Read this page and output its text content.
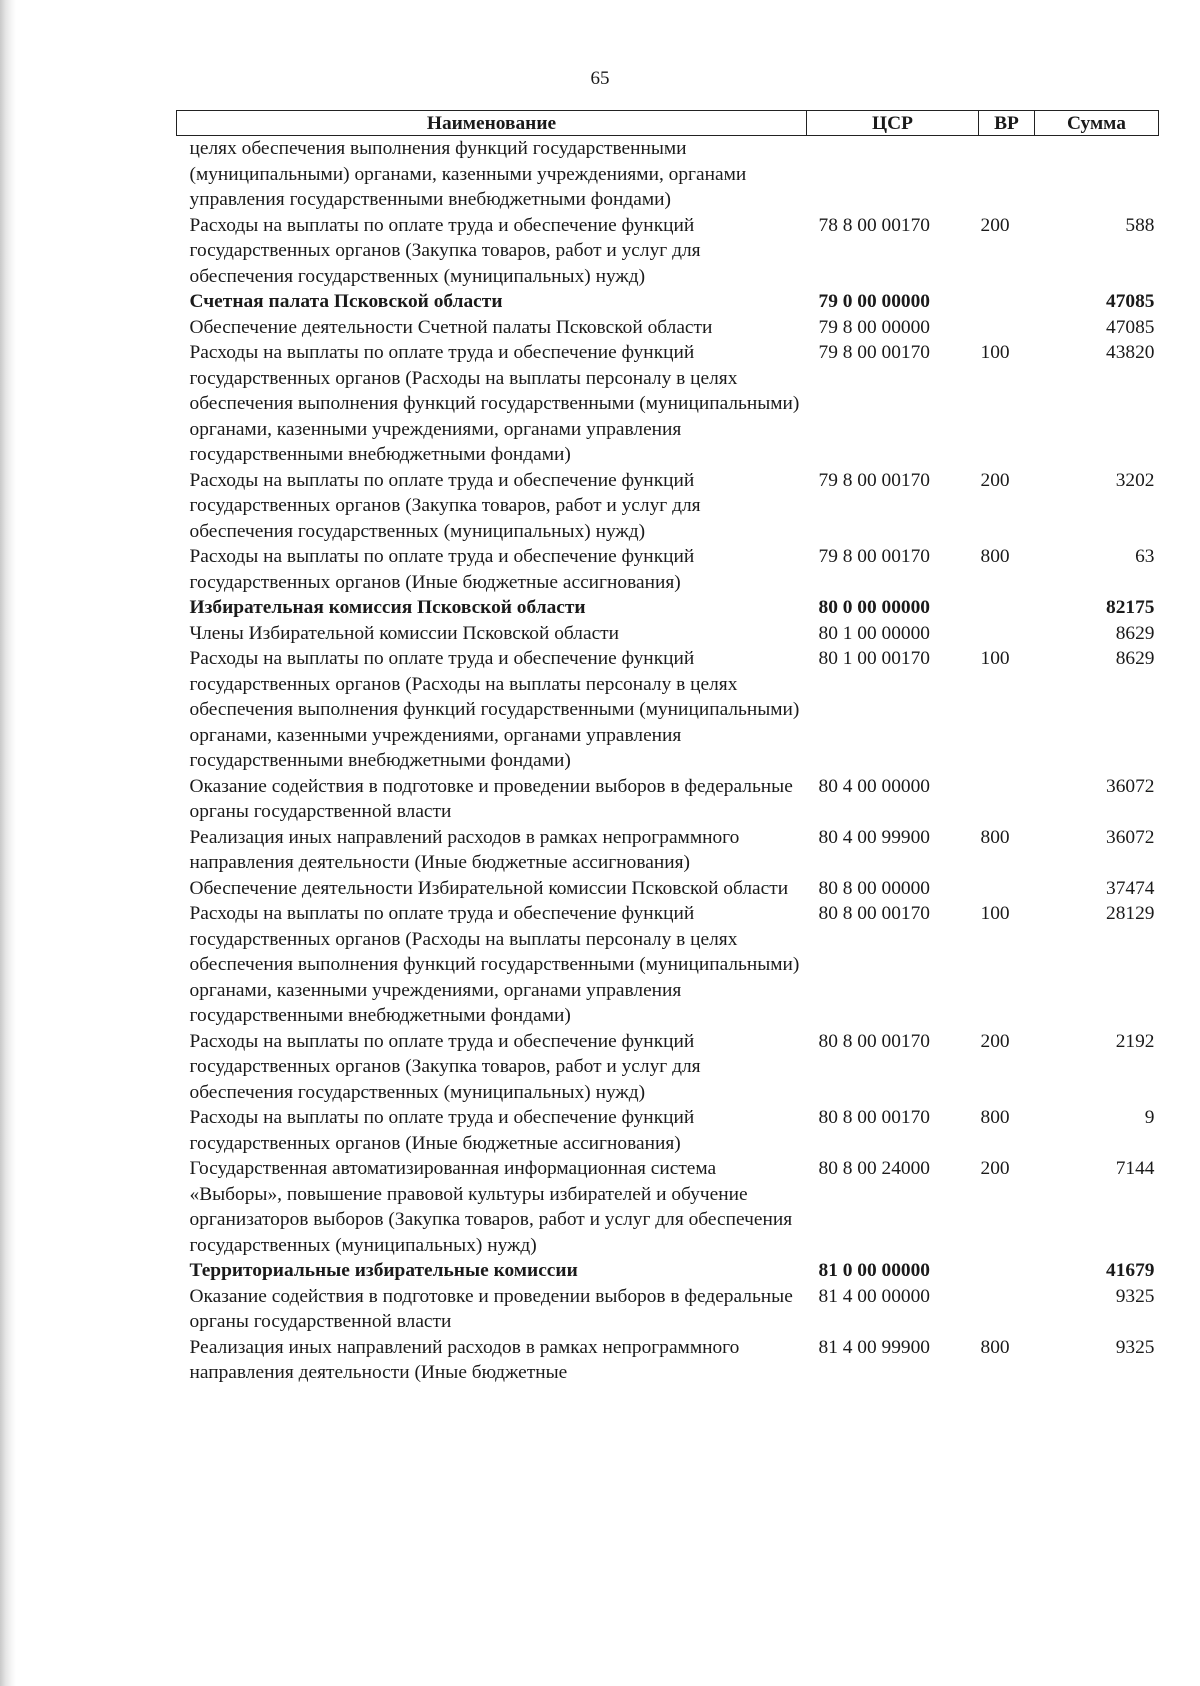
65
Наименование	ЦСР	ВР	Сумма
целях обеспечения выполнения функций государственными (муниципальными) органами, казенными учреждениями, органами управления государственными внебюджетными фондами)			
Расходы на выплаты по оплате труда и обеспечение функций государственных органов (Закупка товаров, работ и услуг для обеспечения государственных (муниципальных) нужд)	78 8 00 00170	200	588
Счетная палата Псковской области	79 0 00 00000		47085
Обеспечение деятельности Счетной палаты Псковской области	79 8 00 00000		47085
Расходы на выплаты по оплате труда и обеспечение функций государственных органов (Расходы на выплаты персоналу в целях обеспечения выполнения функций государственными (муниципальными) органами, казенными учреждениями, органами управления государственными внебюджетными фондами)	79 8 00 00170	100	43820
Расходы на выплаты по оплате труда и обеспечение функций государственных органов (Закупка товаров, работ и услуг для обеспечения государственных (муниципальных) нужд)	79 8 00 00170	200	3202
Расходы на выплаты по оплате труда и обеспечение функций государственных органов (Иные бюджетные ассигнования)	79 8 00 00170	800	63
Избирательная комиссия Псковской области	80 0 00 00000		82175
Члены Избирательной комиссии Псковской области	80 1 00 00000		8629
Расходы на выплаты по оплате труда и обеспечение функций государственных органов (Расходы на выплаты персоналу в целях обеспечения выполнения функций государственными (муниципальными) органами, казенными учреждениями, органами управления государственными внебюджетными фондами)	80 1 00 00170	100	8629
Оказание содействия в подготовке и проведении выборов в федеральные органы государственной власти	80 4 00 00000		36072
Реализация иных направлений расходов в рамках непрограммного направления деятельности (Иные бюджетные ассигнования)	80 4 00 99900	800	36072
Обеспечение деятельности Избирательной комиссии Псковской области	80 8 00 00000		37474
Расходы на выплаты по оплате труда и обеспечение функций государственных органов (Расходы на выплаты персоналу в целях обеспечения выполнения функций государственными (муниципальными) органами, казенными учреждениями, органами управления государственными внебюджетными фондами)	80 8 00 00170	100	28129
Расходы на выплаты по оплате труда и обеспечение функций государственных органов (Закупка товаров, работ и услуг для обеспечения государственных (муниципальных) нужд)	80 8 00 00170	200	2192
Расходы на выплаты по оплате труда и обеспечение функций государственных органов (Иные бюджетные ассигнования)	80 8 00 00170	800	9
Государственная автоматизированная информационная система «Выборы», повышение правовой культуры избирателей и обучение организаторов выборов (Закупка товаров, работ и услуг для обеспечения государственных (муниципальных) нужд)	80 8 00 24000	200	7144
Территориальные избирательные комиссии	81 0 00 00000		41679
Оказание содействия в подготовке и проведении выборов в федеральные органы государственной власти	81 4 00 00000		9325
Реализация иных направлений расходов в рамках непрограммного направления деятельности (Иные бюджетные	81 4 00 99900	800	9325
